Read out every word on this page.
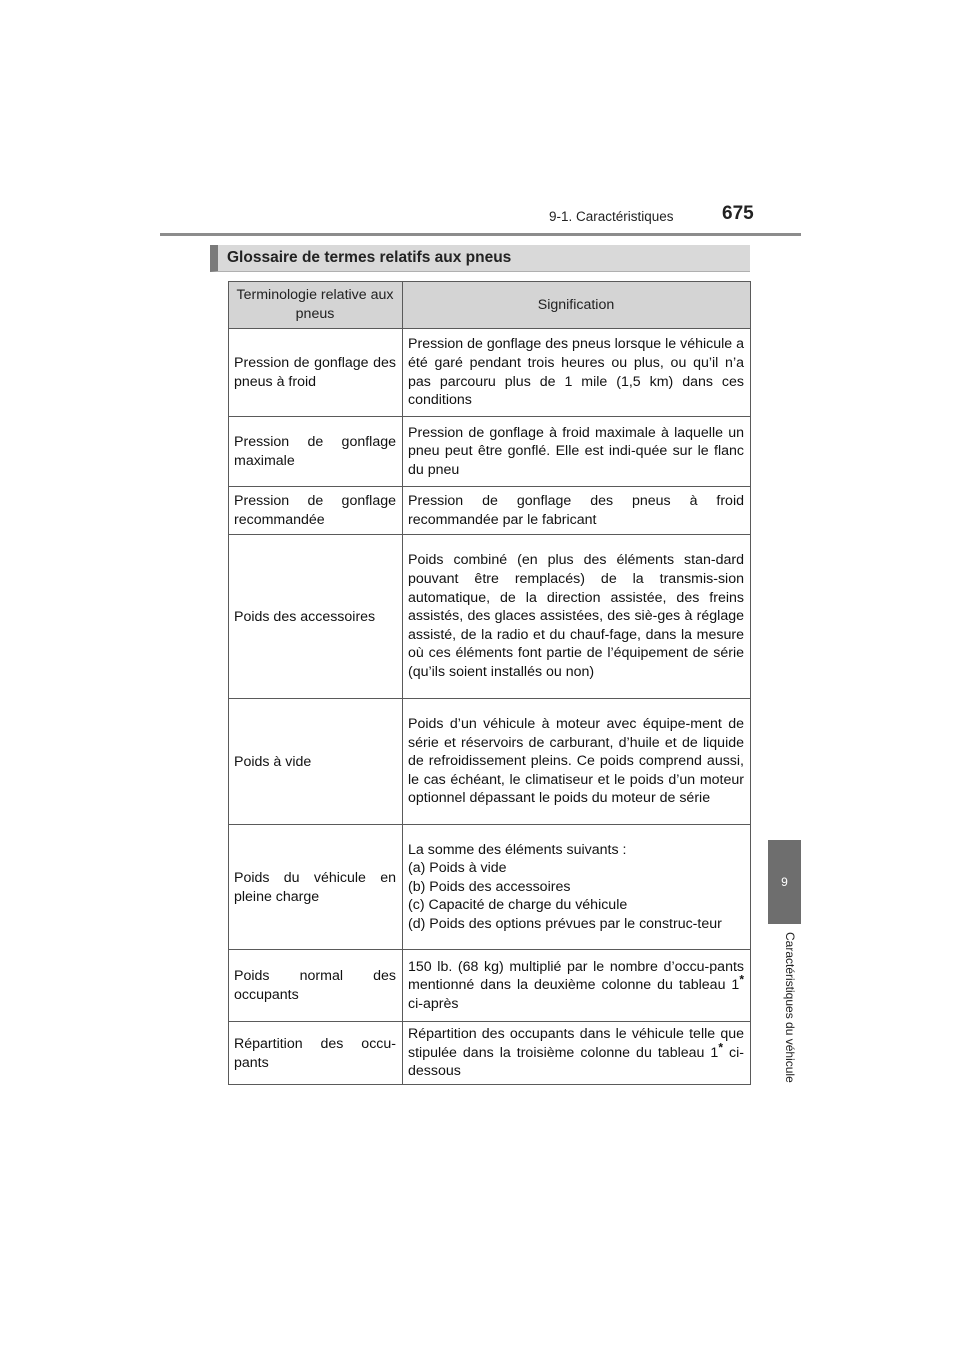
9-1. Caractéristiques	675
9
Caractéristiques du véhicule
Glossaire de termes relatifs aux pneus
Terminologie relative aux pneus	Signification
Pression de gonflage des pneus à froid	Pression de gonflage des pneus lorsque le véhicule a été garé pendant trois heures ou plus, ou qu’il n’a pas parcouru plus de 1 mile (1,5 km) dans ces conditions
Pression de gonflage maximale	Pression de gonflage à froid maximale à laquelle un pneu peut être gonflé. Elle est indi-quée sur le flanc du pneu
Pression de gonflage recommandée	Pression de gonflage des pneus à froid recommandée par le fabricant
Poids des accessoires	Poids combiné (en plus des éléments stan-dard pouvant être remplacés) de la transmis-sion automatique, de la direction assistée, des freins assistés, des glaces assistées, des siè-ges à réglage assisté, de la radio et du chauf-fage, dans la mesure où ces éléments font partie de l’équipement de série (qu’ils soient installés ou non)
Poids à vide	Poids d’un véhicule à moteur avec équipe-ment de série et réservoirs de carburant, d’huile et de liquide de refroidissement pleins. Ce poids comprend aussi, le cas échéant, le climatiseur et le poids d’un moteur optionnel dépassant le poids du moteur de série
Poids du véhicule en pleine charge	La somme des éléments suivants :
(a) Poids à vide
(b) Poids des accessoires
(c) Capacité de charge du véhicule
(d) Poids des options prévues par le construc-teur

Poids normal des occupants	150 lb. (68 kg) multiplié par le nombre d’occu-pants mentionné dans la deuxième colonne du tableau 1* ci-après
Répartition des occu-pants	Répartition des occupants dans le véhicule telle que stipulée dans la troisième colonne du tableau 1* ci-dessous
